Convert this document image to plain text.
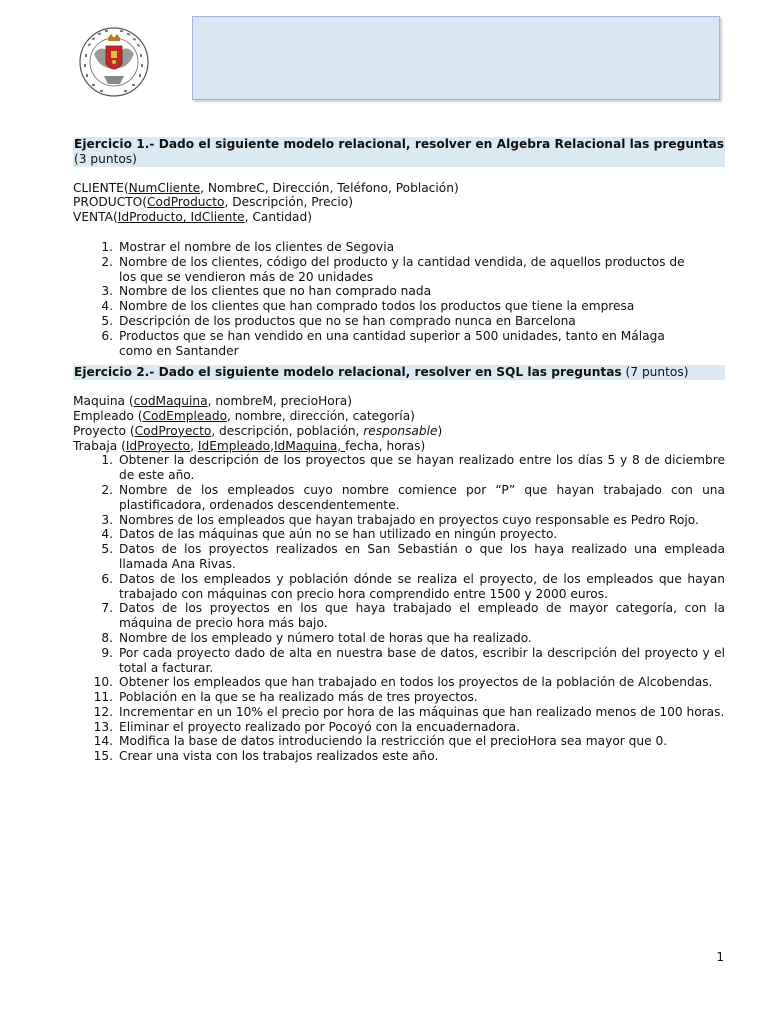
Ejercicio 1.- Dado el siguiente modelo relacional, resolver en Algebra Relacional las preguntas (3 puntos)
CLIENTE(NumCliente, NombreC, Dirección, Teléfono, Población)
PRODUCTO(CodProducto, Descripción, Precio)
VENTA(IdProducto, IdCliente, Cantidad)
1. Mostrar el nombre de los clientes de Segovia
2. Nombre de los clientes, código del producto y la cantidad vendida, de aquellos productos de los que se vendieron más de 20 unidades
3. Nombre de los clientes que no han comprado nada
4. Nombre de los clientes que han comprado todos los productos que tiene la empresa
5. Descripción de los productos que no se han comprado nunca en Barcelona
6. Productos que se han vendido en una cantidad superior a 500 unidades, tanto en Málaga como en Santander
Ejercicio 2.- Dado el siguiente modelo relacional, resolver en SQL las preguntas (7 puntos)
Maquina (codMaquina, nombreM, precioHora)
Empleado (CodEmpleado, nombre, dirección, categoría)
Proyecto (CodProyecto, descripción, población, responsable)
Trabaja (IdProyecto, IdEmpleado,IdMaquina, fecha, horas)
1. Obtener la descripción de los proyectos que se hayan realizado entre los días 5 y 8 de diciembre de este año.
2. Nombre de los empleados cuyo nombre comience por “P” que hayan trabajado con una plastificadora, ordenados descendentemente.
3. Nombres de los empleados que hayan trabajado en proyectos cuyo responsable es Pedro Rojo.
4. Datos de las máquinas que aún no se han utilizado en ningún proyecto.
5. Datos de los proyectos realizados en San Sebastián o que los haya realizado una empleada llamada Ana Rivas.
6. Datos de los empleados y población dónde se realiza el proyecto, de los empleados que hayan trabajado con máquinas con precio hora comprendido entre 1500 y 2000 euros.
7. Datos de los proyectos en los que haya trabajado el empleado de mayor categoría, con la máquina de precio hora más bajo.
8. Nombre de los empleado y número total de horas que ha realizado.
9. Por cada proyecto dado de alta en nuestra base de datos, escribir la descripción del proyecto y el total a facturar.
10. Obtener los empleados que han trabajado en todos los proyectos de la población de Alcobendas.
11. Población en la que se ha realizado más de tres proyectos.
12. Incrementar en un 10% el precio por hora de las máquinas que han realizado menos de 100 horas.
13. Eliminar el proyecto realizado por Pocoyó con la encuadernadora.
14. Modifica la base de datos introduciendo la restricción que el precioHora sea mayor que 0.
15. Crear una vista con los trabajos realizados este año.
1
